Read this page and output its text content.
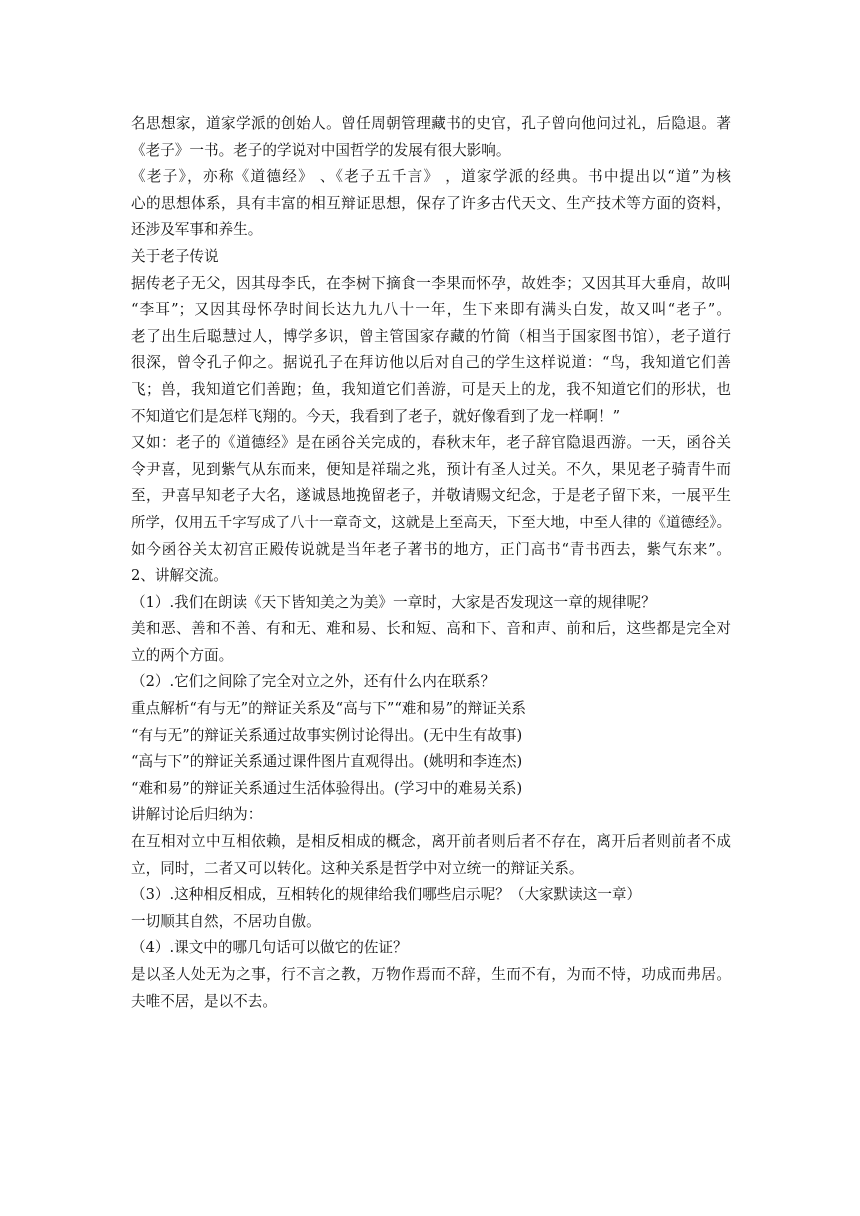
名思想家，道家学派的创始人。曾任周朝管理藏书的史官，孔子曾向他问过礼，后隐退。著
《老子》一书。老子的学说对中国哲学的发展有很大影响。
《老子》，亦称《道德经》 、《老子五千言》 ，道家学派的经典。书中提出以“道”为核
心的思想体系，具有丰富的相互辩证思想，保存了许多古代天文、生产技术等方面的资料，
还涉及军事和养生。
关于老子传说
据传老子无父，因其母李氏，在李树下摘食一李果而怀孕，故姓李；又因其耳大垂肩，故叫
“李耳”；又因其母怀孕时间长达九九八十一年，生下来即有满头白发，故又叫“老子”。
老了出生后聪慧过人，博学多识，曾主管国家存藏的竹简（相当于国家图书馆），老子道行
很深，曾令孔子仰之。据说孔子在拜访他以后对自己的学生这样说道：“鸟，我知道它们善
飞；兽，我知道它们善跑；鱼，我知道它们善游，可是天上的龙，我不知道它们的形状，也
不知道它们是怎样飞翔的。今天，我看到了老子，就好像看到了龙一样啊！”
又如：老子的《道德经》是在函谷关完成的，春秋末年，老子辞官隐退西游。一天，函谷关
令尹喜，见到紫气从东而来，便知是祥瑞之兆，预计有圣人过关。不久，果见老子骑青牛而
至，尹喜早知老子大名，遂诚恳地挽留老子，并敬请赐文纪念，于是老子留下来，一展平生
所学，仅用五千字写成了八十一章奇文，这就是上至高天，下至大地，中至人律的《道德经》。
如今函谷关太初宫正殿传说就是当年老子著书的地方，正门高书“青书西去，紫气东来”。
2、讲解交流。
（1）.我们在朗读《天下皆知美之为美》一章时，大家是否发现这一章的规律呢？
美和恶、善和不善、有和无、难和易、长和短、高和下、音和声、前和后，这些都是完全对
立的两个方面。
（2）.它们之间除了完全对立之外，还有什么内在联系？
重点解析“有与无”的辩证关系及“高与下”“难和易”的辩证关系
“有与无”的辩证关系通过故事实例讨论得出。(无中生有故事)
“高与下”的辩证关系通过课件图片直观得出。(姚明和李连杰)
“难和易”的辩证关系通过生活体验得出。(学习中的难易关系)
讲解讨论后归纳为：
在互相对立中互相依赖，是相反相成的概念，离开前者则后者不存在，离开后者则前者不成
立，同时，二者又可以转化。这种关系是哲学中对立统一的辩证关系。
（3）.这种相反相成，互相转化的规律给我们哪些启示呢？（大家默读这一章）
一切顺其自然，不居功自傲。
（4）.课文中的哪几句话可以做它的佐证？
是以圣人处无为之事，行不言之教，万物作焉而不辞，生而不有，为而不恃，功成而弗居。
夫唯不居，是以不去。
